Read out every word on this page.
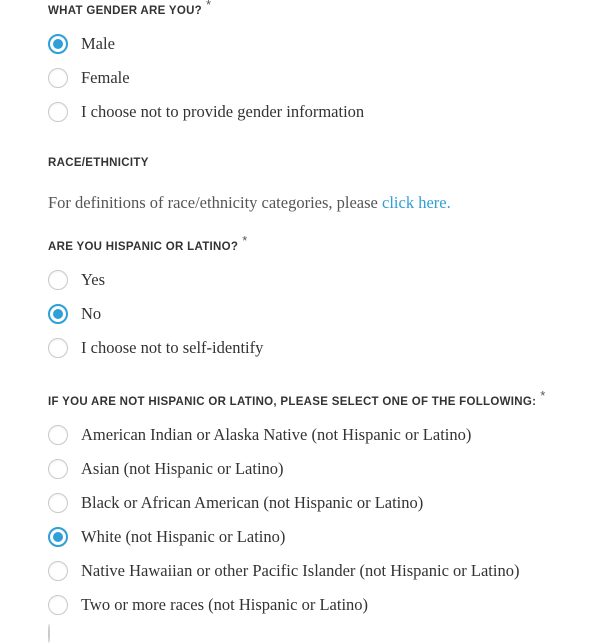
WHAT GENDER ARE YOU? *
Male
Female
I choose not to provide gender information
RACE/ETHNICITY
For definitions of race/ethnicity categories, please click here.
ARE YOU HISPANIC OR LATINO? *
Yes
No
I choose not to self-identify
IF YOU ARE NOT HISPANIC OR LATINO, PLEASE SELECT ONE OF THE FOLLOWING: *
American Indian or Alaska Native (not Hispanic or Latino)
Asian (not Hispanic or Latino)
Black or African American (not Hispanic or Latino)
White (not Hispanic or Latino)
Native Hawaiian or other Pacific Islander (not Hispanic or Latino)
Two or more races (not Hispanic or Latino)
